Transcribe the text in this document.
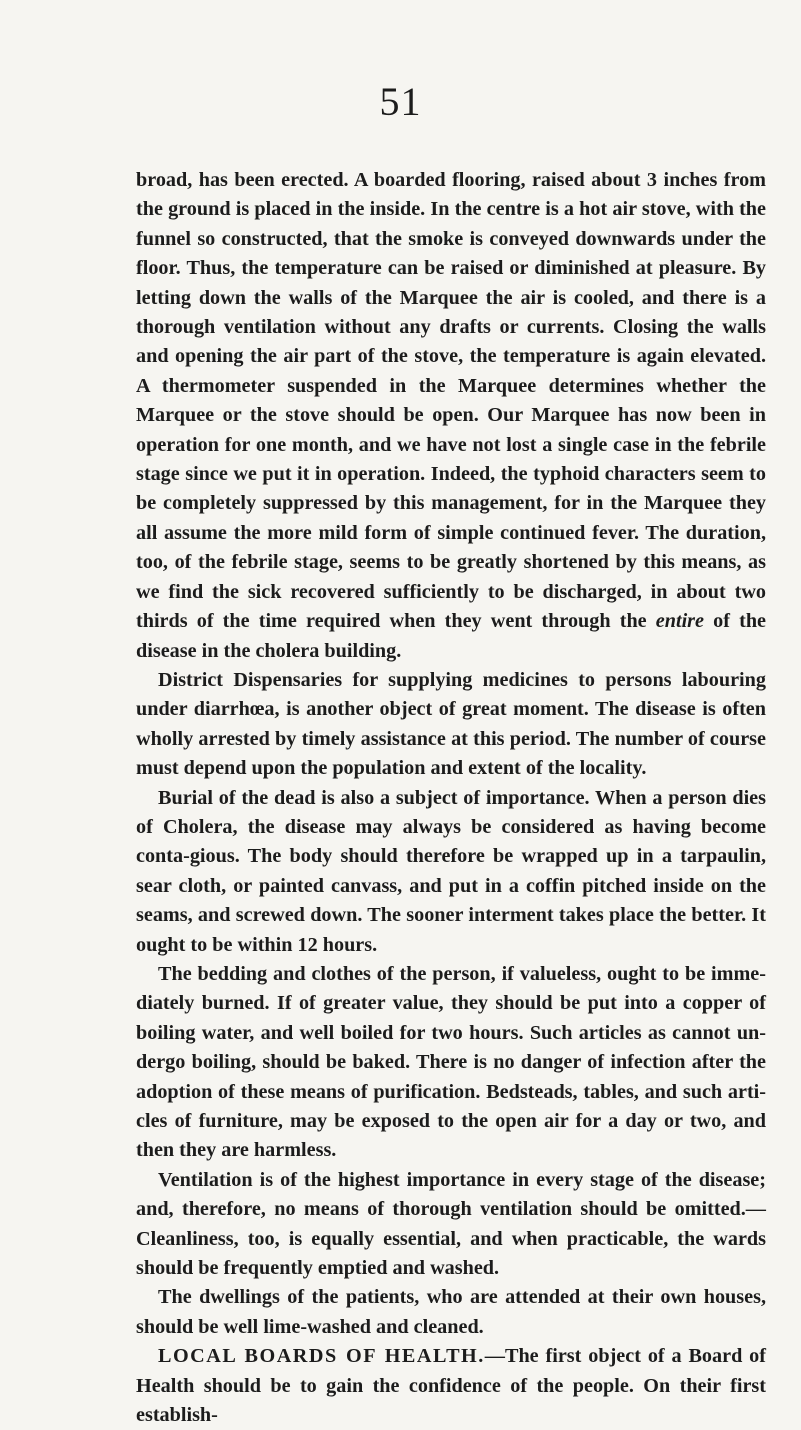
51

broad, has been erected. A boarded flooring, raised about 3 inches from the ground is placed in the inside. In the centre is a hot air stove, with the funnel so constructed, that the smoke is conveyed downwards under the floor. Thus, the temperature can be raised or diminished at pleasure. By letting down the walls of the Marquee the air is cooled, and there is a thorough ventilation without any drafts or currents. Closing the walls and opening the air part of the stove, the temperature is again elevated. A thermometer suspended in the Marquee determines whether the Marquee or the stove should be open. Our Marquee has now been in operation for one month, and we have not lost a single case in the febrile stage since we put it in operation. Indeed, the typhoid characters seem to be completely suppressed by this management, for in the Marquee they all assume the more mild form of simple continued fever. The duration, too, of the febrile stage, seems to be greatly shortened by this means, as we find the sick recovered sufficiently to be discharged, in about two thirds of the time required when they went through the entire of the disease in the cholera building.

District Dispensaries for supplying medicines to persons labouring under diarrhœa, is another object of great moment. The disease is often wholly arrested by timely assistance at this period. The number of course must depend upon the population and extent of the locality.

Burial of the dead is also a subject of importance. When a person dies of Cholera, the disease may always be considered as having become conta-gious. The body should therefore be wrapped up in a tarpaulin, sear cloth, or painted canvass, and put in a coffin pitched inside on the seams, and screwed down. The sooner interment takes place the better. It ought to be within 12 hours.

The bedding and clothes of the person, if valueless, ought to be imme-diately burned. If of greater value, they should be put into a copper of boiling water, and well boiled for two hours. Such articles as cannot un-dergo boiling, should be baked. There is no danger of infection after the adoption of these means of purification. Bedsteads, tables, and such arti-cles of furniture, may be exposed to the open air for a day or two, and then they are harmless.

Ventilation is of the highest importance in every stage of the disease; and, therefore, no means of thorough ventilation should be omitted.— Cleanliness, too, is equally essential, and when practicable, the wards should be frequently emptied and washed.

The dwellings of the patients, who are attended at their own houses, should be well lime-washed and cleaned.

LOCAL BOARDS OF HEALTH.—The first object of a Board of Health should be to gain the confidence of the people. On their first establish-
